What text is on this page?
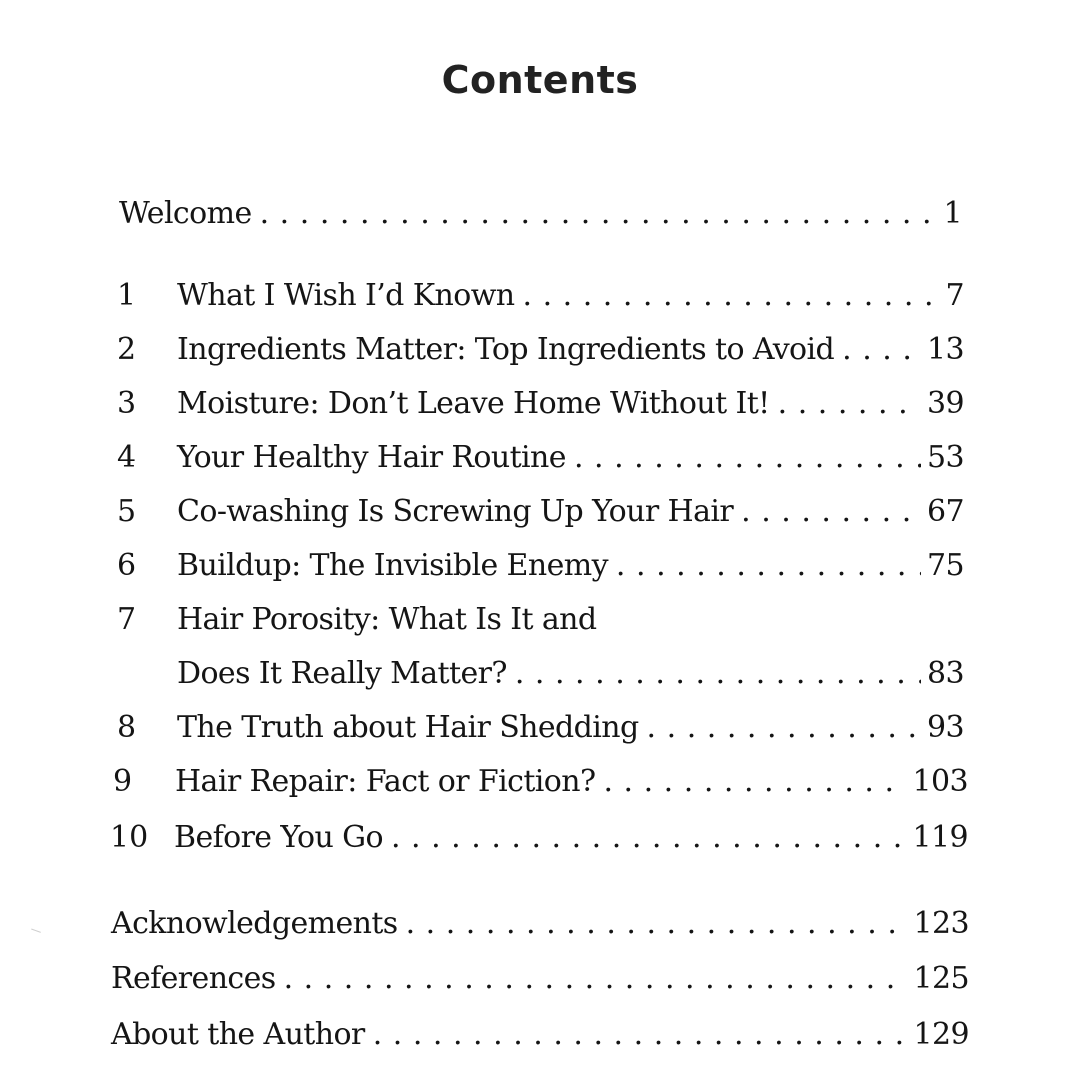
Contents
Welcome . . .	1
1 What I Wish I’d Known . . .	7
2 Ingredients Matter: Top Ingredients to Avoid . . .	13
3 Moisture: Don’t Leave Home Without It! . . .	39
4 Your Healthy Hair Routine . . .	53
5 Co-washing Is Screwing Up Your Hair . . .	67
6 Buildup: The Invisible Enemy . . .	75
7 Hair Porosity: What Is It and
Does It Really Matter? . . .	83
8 The Truth about Hair Shedding . . .	93
9 Hair Repair: Fact or Fiction? . . .	103
10 Before You Go . . .	119
Acknowledgements . . .	123
References . . .	125
About the Author . . .	129
